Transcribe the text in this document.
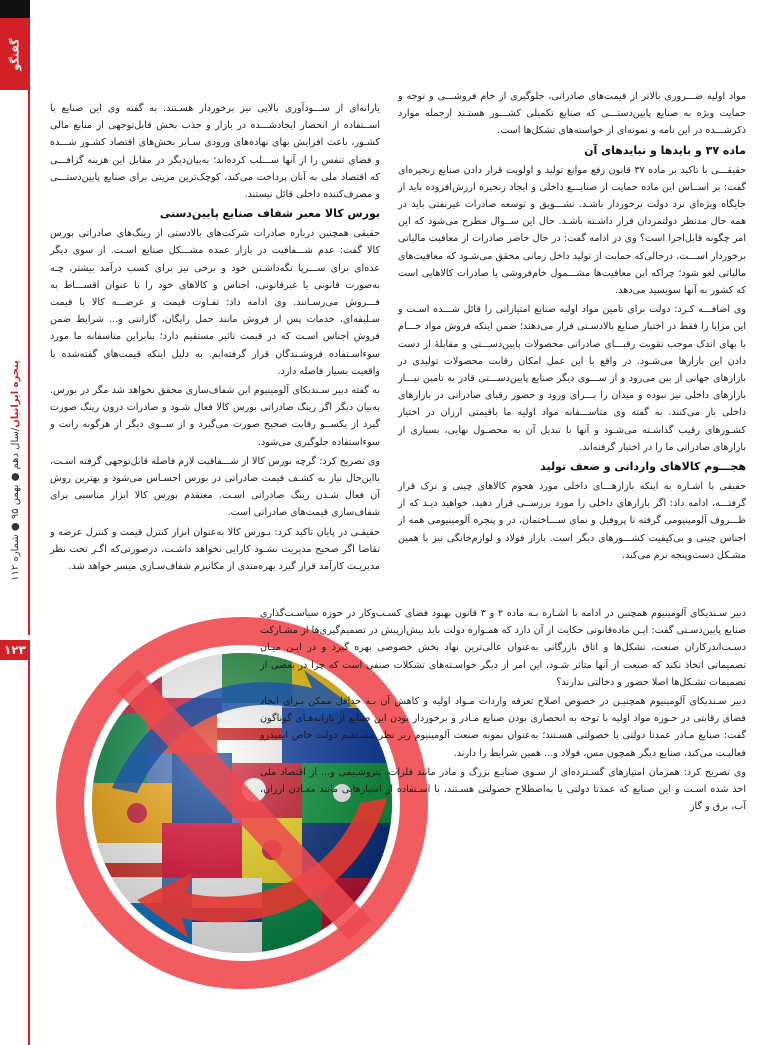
گفتگو
پنجره ایرانیان/سال دهم ● بهمن ۹۵ ● شماره ۱۱۲
۱۲۳

مواد اولیه ضـــروری بالاتر از قیمت‌های صادراتی، جلوگیری از خام فروشـــی و توجه و حمایت ویژه به صنایع پایین‌دستـــی که صنایع تکمیلی کشـــور هستـند ازجمله موارد ذکرشـــده در این نامه و نمونه‌ای از خواسته‌های تشکل‌ها است.

ماده ۳۷ و بایدها و نبایدهای آن

حقیقـــی با تاکید بر ماده ۳۷ قانون رفع موانع تولید و اولویت قرار دادن صنایع زنجیره‌ای گفت: بر اســاس این ماده حمایت از صنایـــع داخلی و ایجاد زنجیره ارزش‌افزوده باید از جایگاه ویژه‌ای نزد دولت برخوردار باشـد. تشـــویق و توسعه صادرات غیرنفتی باید در همه حال مدنظر دولتمردان قرار داشـته باشـد. حال این ســوال مطرح می‌شود که این امر چگونه قابل‌اجرا است؟ وی در ادامه گفت: در حال حاضر صادرات از معافیت مالیاتی برخوردار اســـت، درحالی‌که حمایت از تولید داخل زمانی محقق می‌شـود که معافیت‌های مالیاتی لغو شود؛ چراکه این معافیت‌ها مشـــمول خام‌فروشی یا صادرات کالاهایی است که کشور به آنها سوبسید می‌دهد.

وی اضافـــه کـرد: دولت برای تامین مواد اولیه صنایع امتیازاتی را قائل شـــده اسـت و این مزایا را فقط در اختیار صنایع بالادسـتی قرار می‌دهند؛ ضمن اینکه فروش مواد خـــام با بهای اندک موجب تقویت رقبـــای صادراتی محصولات پایین‌دســـتی و مقابلهٔ از دست دادن این بازارها می‌شـود. در واقع با این عمل امکان رقابت محصولات تولیدی در بازارهای جهانی از بین می‌رود و از ســـوی دیگر صنایع پایین‌دســـتی قادر به تامین نیـــاز بازارهای داخلی نیز نبوده و میدان را بـــرای ورود و حضور رقبای صادراتی در بازارهای داخلی باز می‌کنند. به گفته وی متاســـفانه مواد اولیه ما باقیمتی ارزان در اختیار کشـورهای رقیب گذاشـته می‌شـود و آنها با تبدیل آن به محصـول نهایی، بسیاری از بازارهای صادراتی ما را در اختیار گرفته‌اند.

هجـــوم کالاهای وارداتی و ضعف تولید

حقیقی با اشـاره به اینکه بازارهـــای داخلی مورد هجوم کالاهای چینی و ترک قرار گرفتـــه، ادامه داد: اگر بازارهای داخلی را مورد بررســی قرار دهید، خواهید دیـد که از ظـــروف آلومینیومی گرفته تا پروفیل و نمای ســـاختمان، در و پنجره آلومینیومی همه از اجناس چینی و بی‌کیفیت کشـــورهای دیگر است. بازار فولاد و لوازم‌خانگی نیز با همین مشـکل دست‌وپنجه نرم می‌کند.

یارانه‌ای از ســـودآوری بالایی نیز برخوردار هسـتند. به گفته وی این صنایع با اســتفاده از انحصار ایجادشـــده در بازار و جذب بخش قابل‌توجهی از منابع مالی کشـور، باعث افزایش بهای نهاده‌های ورودی سـایر بخش‌های اقتصاد کشـور شـــده و فضای تنفس را از آنها ســـلب کرده‌اند؛ به‌بیان‌دیگر در مقابل این هزینه گزافـــی که اقتصاد ملی به آنان پرداخت می‌کند، کوچک‌ترین مزیتی برای صنایع پایین‌دستـــی و مصرف‌کننده داخلی قائل نیستند.

بورس کالا معبر شفاف صنایع پایین‌دستی

حقیقی همچنین درباره صادرات شرکت‌های بالادستی از رینگ‌های صادراتی بورس کالا گفت: عدم شـــفافیت در بازار عمده مشـــکل صنایع اسـت. از سوی دیگر عده‌ای برای ســـرپا نگه‌داشـتن خود و برخی نیز برای کسب درآمد بیشتر، چـه به‌صورت قانونی یا غیرقانونی، اجناس و کالاهای خود را با عنوان اقســـاط به فـــروش می‌رسـانند. وی ادامه داد: تفـاوت قیمت و عرضـــه کالا با قیمت سـلیقه‌ای، خدمات پس از فروش مانند حمل رایگان، گارانتی و... شرایط ضمن فروش اجناس اسـت که در قیمت تاثیر مستقیم دارد؛ بنابراین متاسفانه ما مورد سوءاسـتفاده فروشـندگان قرار گرفته‌ایم. به دلیل اینکه قیمت‌های گفته‌شده با واقعیت بسیار فاصله دارد.

به گفته دبیر سـندیکای آلومینیوم این شفاف‌سازی محقق نخواهد شد مگر در بورس. به‌بیان دیگر اگر رینگ صادراتی بورس کالا فعال شـود و صادرات درون رینگ صورت گیرد از یکســو رقابت صحیح صورت می‌گیرد و از ســوی دیگر از هرگونه رانت و سوءاستفاده جلوگیری می‌شود.

وی تصریح کرد: گرچه بورس کالا از شـــفافیت لازم فاصله قابل‌توجهی گرفته اسـت، بااین‌حال نیاز به کشـف قیمت صادراتی در بورس احسـاس می‌شود و بهترین روش آن فعال شـدن رینگ صادراتی اسـت. معتقدم بورس کالا ابزار مناسبی برای شفاف‌سازی قیمت‌های صادراتی است.

حقیقـی در پایان تاکید کرد: بـورس کالا به‌عنوان ابزار کنترل قیمت و کنترل عرضه و تقاضا اگر صحیح مدیریت نشـود کارایی نخواهد داشـت، درصورتی‌که اگـر تحت نظر مدیریـت کارآمد قرار گیرد بهره‌مندی از مکانیزم شفاف‌سـازی میسر خواهد شد.

دبیر سـندیکای آلومینیوم همچنین در ادامه با اشـاره بـه ماده ۲ و ۳ قانون بهبود فضای کسـب‌وکار در حوزه سیاسـت‌گذاری صنایع پایین‌دسـتی گفت: ایـن ماده‌قانونی حکایت از آن دارد که همـواره دولت باید بیش‌ازپیش در تصمیم‌گیری‌ها از مشـارکت دسـت‌اندرکاران صنعت، تشکل‌ها و اتاق بازرگانی به‌عنوان عالی‌ترین نهاد بخش خصوصی بهره گیرد و در ایـن میـان تصمیماتی اتخاذ نکند که صنعت از آنها متاثر شـود، این امر از دیگر خواسـته‌های تشکلات صنفی است که چرا در بعضی از تصمیمات تشـکل‌ها اصلا حضور و دخالتی ندارند؟

دبیر سـندیکای آلومینیوم همچنیـن در خصوص اصلاح تعرفه واردات مـواد اولیه و کاهش آن بـه حداقل ممکن بـرای ایجاد فضای رقابتی در حـوزه مواد اولیه با توجه به انحصاری بودن صنایع مـادر و برخوردار بودن این صنایع از یارانه‌هـای گوناگون گفت: صنایع مـادر عمدتا دولتی یا خصولتی هسـتند؛ به‌عنوان نمونه صنعت آلومینیوم زیر نظر مسـتقیم دولت خاص ایمیدرو فعالیـت می‌کند، صنایع دیگر همچون مس، فولاد و... همین شرایط را دارند.

وی تصریح کرد: همزمان امتیازهای گسـترده‌ای از سـوی صنایـع بزرگ و مادر مانند فلزات، پتروشـیمی و... از اقتصاد ملی اخذ شده اسـت و این صنایع که عمدتا دولتی یا به‌اصطلاح خصولتی هسـتند، با اسـتفاده از امتیازهایی مانند معـادن ارزان، آب، برق و گاز
